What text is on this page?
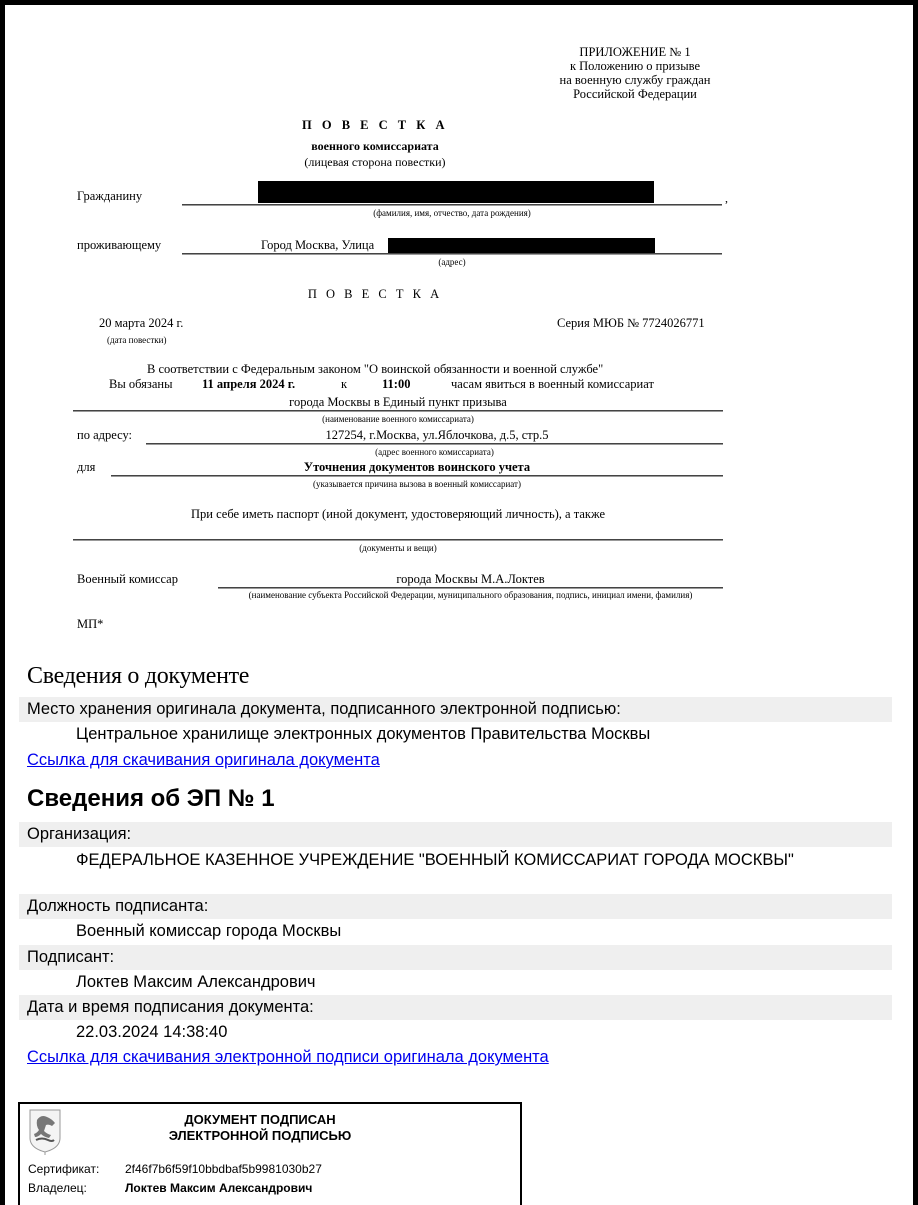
ПРИЛОЖЕНИЕ № 1
к Положению о призыве
на военную службу граждан
Российской Федерации
П О В Е С Т К А
военного комиссариата
(лицевая сторона повестки)
Гражданину	,
(фамилия, имя, отчество, дата рождения)
проживающему	Город Москва, Улица
(адрес)
П О В Е С Т К А
20 марта 2024 г.
(дата повестки)
Серия МЮБ № 7724026771
В соответствии с Федеральным законом "О воинской обязанности и военной службе"
Вы обязаны 11 апреля 2024 г.	к	11:00	часам явиться в военный комиссариат
города Москвы в Единый пункт призыва
(наименование военного комиссариата)
по адресу:	127254, г.Москва, ул.Яблочкова, д.5, стр.5
(адрес военного комиссариата)
для	Уточнения документов воинского учета
(указывается причина вызова в военный комиссариат)
При себе иметь паспорт (иной документ, удостоверяющий личность), а также
(документы и вещи)
Военный комиссар	города Москвы М.А.Локтев
(наименование субъекта Российской Федерации, муниципального образования, подпись, инициал имени, фамилия)
МП*
Сведения о документе
Место хранения оригинала документа, подписанного электронной подписью:
Центральное хранилище электронных документов Правительства Москвы
Ссылка для скачивания оригинала документа
Сведения об ЭП № 1
Организация:
ФЕДЕРАЛЬНОЕ КАЗЕННОЕ УЧРЕЖДЕНИЕ "ВОЕННЫЙ КОМИССАРИАТ ГОРОДА МОСКВЫ"
Должность подписанта:
Военный комиссар города Москвы
Подписант:
Локтев Максим Александрович
Дата и время подписания документа:
22.03.2024 14:38:40
Ссылка для скачивания электронной подписи оригинала документа
ДОКУМЕНТ ПОДПИСАН
ЭЛЕКТРОННОЙ ПОДПИСЬЮ
Сертификат: 2f46f7b6f59f10bbdbaf5b9981030b27
Владелец:	Локтев Максим Александрович
